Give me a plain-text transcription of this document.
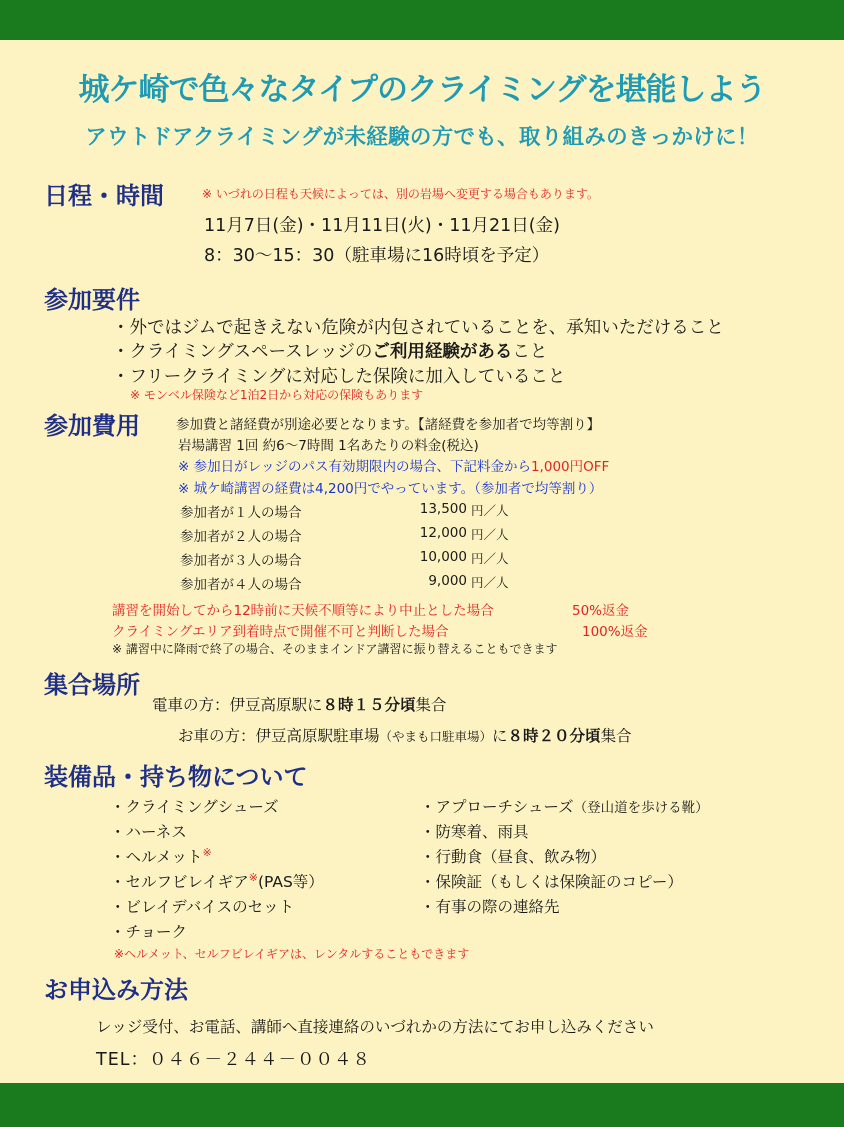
城ケ崎で色々なタイプのクライミングを堪能しよう
アウトドアクライミングが未経験の方でも、取り組みのきっかけに！
日程・時間	※ いづれの日程も天候によっては、別の岩場へ変更する場合もあります。
11月7日(金)・11月11日(火)・11月21日(金)
8：30～15：30（駐車場に16時頃を予定）
参加要件
・外ではジムで起きえない危険が内包されていることを、承知いただけること
・クライミングスペースレッジのご利用経験があること
・フリークライミングに対応した保険に加入していること
※ モンベル保険など1泊2日から対応の保険もあります
参加費用	参加費と諸経費が別途必要となります。【諸経費を参加者で均等割り】
岩場講習 1回 約6～7時間 1名あたりの料金(税込)
※ 参加日がレッジのパス有効期限内の場合、下記料金から1,000円OFF
※ 城ケ崎講習の経費は4,200円でやっています。（参加者で均等割り）
参加者が１人の場合	13,500 円／人
参加者が２人の場合	12,000 円／人
参加者が３人の場合	10,000 円／人
参加者が４人の場合	9,000 円／人
講習を開始してから12時前に天候不順等により中止とした場合	50%返金
クライミングエリア到着時点で開催不可と判断した場合	100%返金
※ 講習中に降雨で終了の場合、そのままインドア講習に振り替えることもできます
集合場所
電車の方：伊豆高原駅に８時１５分頃集合
お車の方：伊豆高原駅駐車場（やまも口駐車場）に８時２０分頃集合
装備品・持ち物について
・クライミングシューズ
・ハーネス
・ヘルメット※
・セルフビレイギア※(PAS等）
・ビレイデバイスのセット
・チョーク
・アプローチシューズ（登山道を歩ける靴）
・防寒着、雨具
・行動食（昼食、飲み物）
・保険証（もしくは保険証のコピー）
・有事の際の連絡先
※ヘルメット、セルフビレイギアは、レンタルすることもできます
お申込み方法
レッジ受付、お電話、講師へ直接連絡のいづれかの方法にてお申し込みください
TEL：０４６－２４４－００４８
